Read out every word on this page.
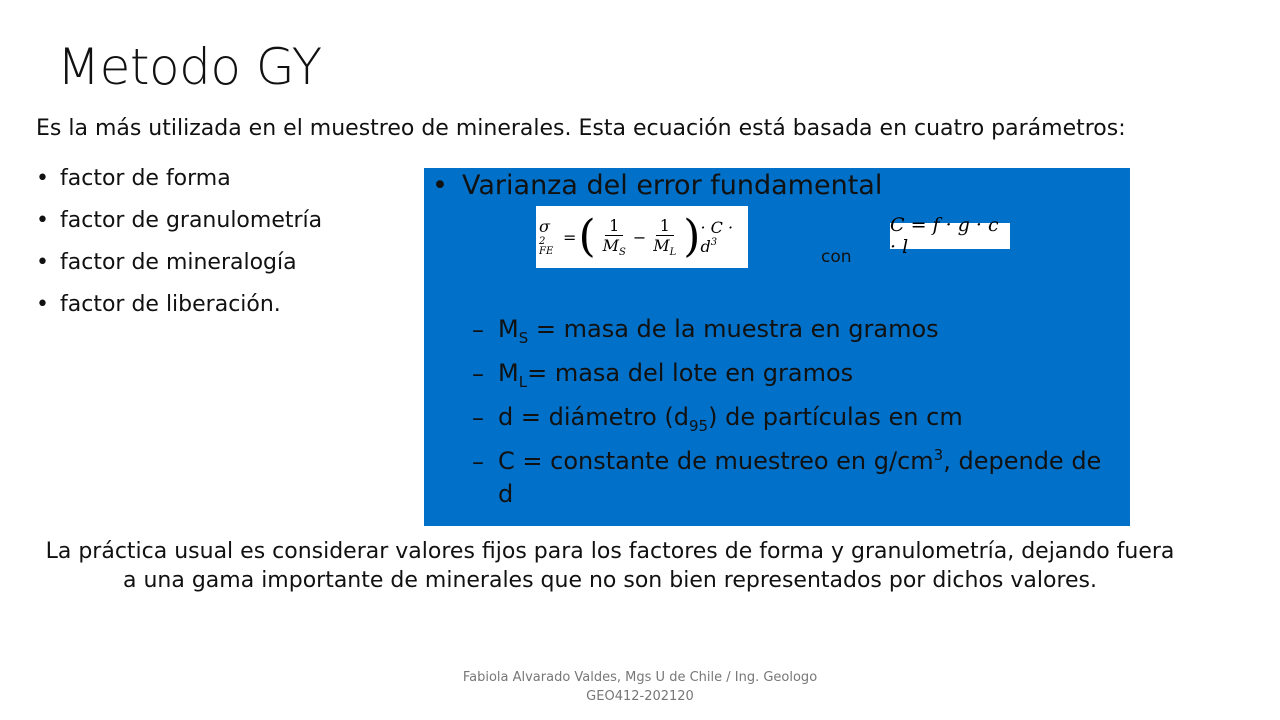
Metodo GY
Es la más utilizada en el muestreo de minerales. Esta ecuación está basada en cuatro parámetros:
• factor de forma
• factor de granulometría
• factor de mineralogía
• factor de liberación.
• Varianza del error fundamental
σ
2
FE
= ( $\frac{1}{M_S} - \frac{1}{M_L}$ ) · $C \cdot d^3$
con
C = f · g · c · l
– $M_S$ = masa de la muestra en gramos
– $M_L=$ masa del lote en gramos
– d = diámetro $(d_{95})$ de partículas en cm
– C = constante de muestreo en $g/cm^3$, depende de d
La práctica usual es considerar valores fijos para los factores de forma y granulometría, dejando fuera a una gama importante de minerales que no son bien representados por dichos valores.
Fabiola Alvarado Valdes, Mgs U de Chile / Ing. Geologo
GEO412-202120
